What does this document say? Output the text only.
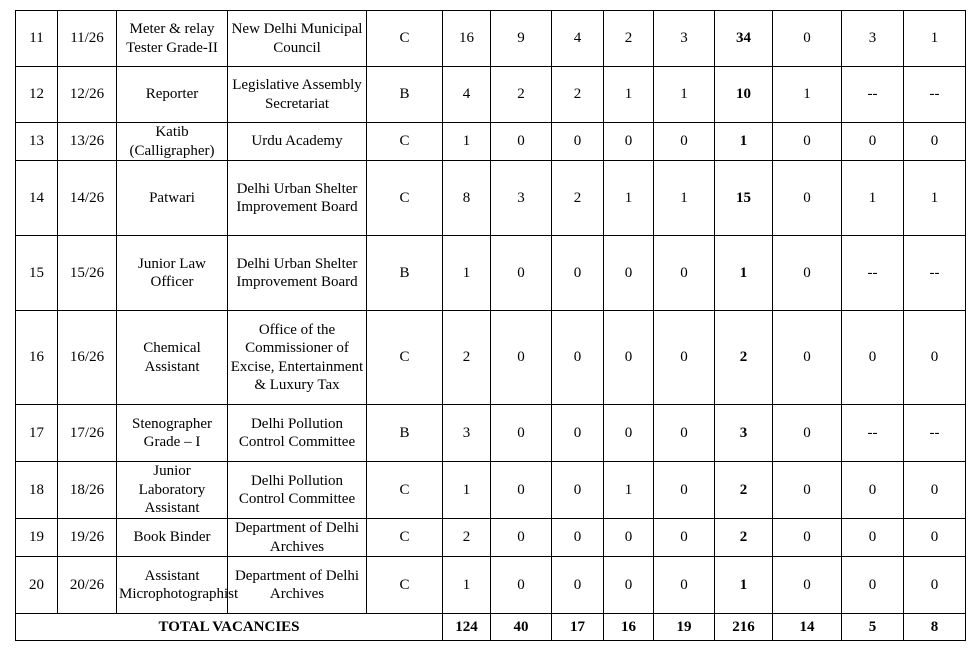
11	11/26	Meter & relay Tester Grade-II	New Delhi Municipal Council	C	16	9	4	2	3	34	0	3	1
12	12/26	Reporter	Legislative Assembly Secretariat	B	4	2	2	1	1	10	1	--	--
13	13/26	Katib (Calligrapher)	Urdu Academy	C	1	0	0	0	0	1	0	0	0
14	14/26	Patwari	Delhi Urban Shelter Improvement Board	C	8	3	2	1	1	15	0	1	1
15	15/26	Junior Law Officer	Delhi Urban Shelter Improvement Board	B	1	0	0	0	0	1	0	--	--
16	16/26	Chemical Assistant	Office of the Commissioner of Excise, Entertainment & Luxury Tax	C	2	0	0	0	0	2	0	0	0
17	17/26	Stenographer Grade – I	Delhi Pollution Control Committee	B	3	0	0	0	0	3	0	--	--
18	18/26	Junior Laboratory Assistant	Delhi Pollution Control Committee	C	1	0	0	1	0	2	0	0	0
19	19/26	Book Binder	Department of Delhi Archives	C	2	0	0	0	0	2	0	0	0
20	20/26	Assistant Microphotographist	Department of Delhi Archives	C	1	0	0	0	0	1	0	0	0
TOTAL VACANCIES					124	40	17	16	19	216	14	5	8
